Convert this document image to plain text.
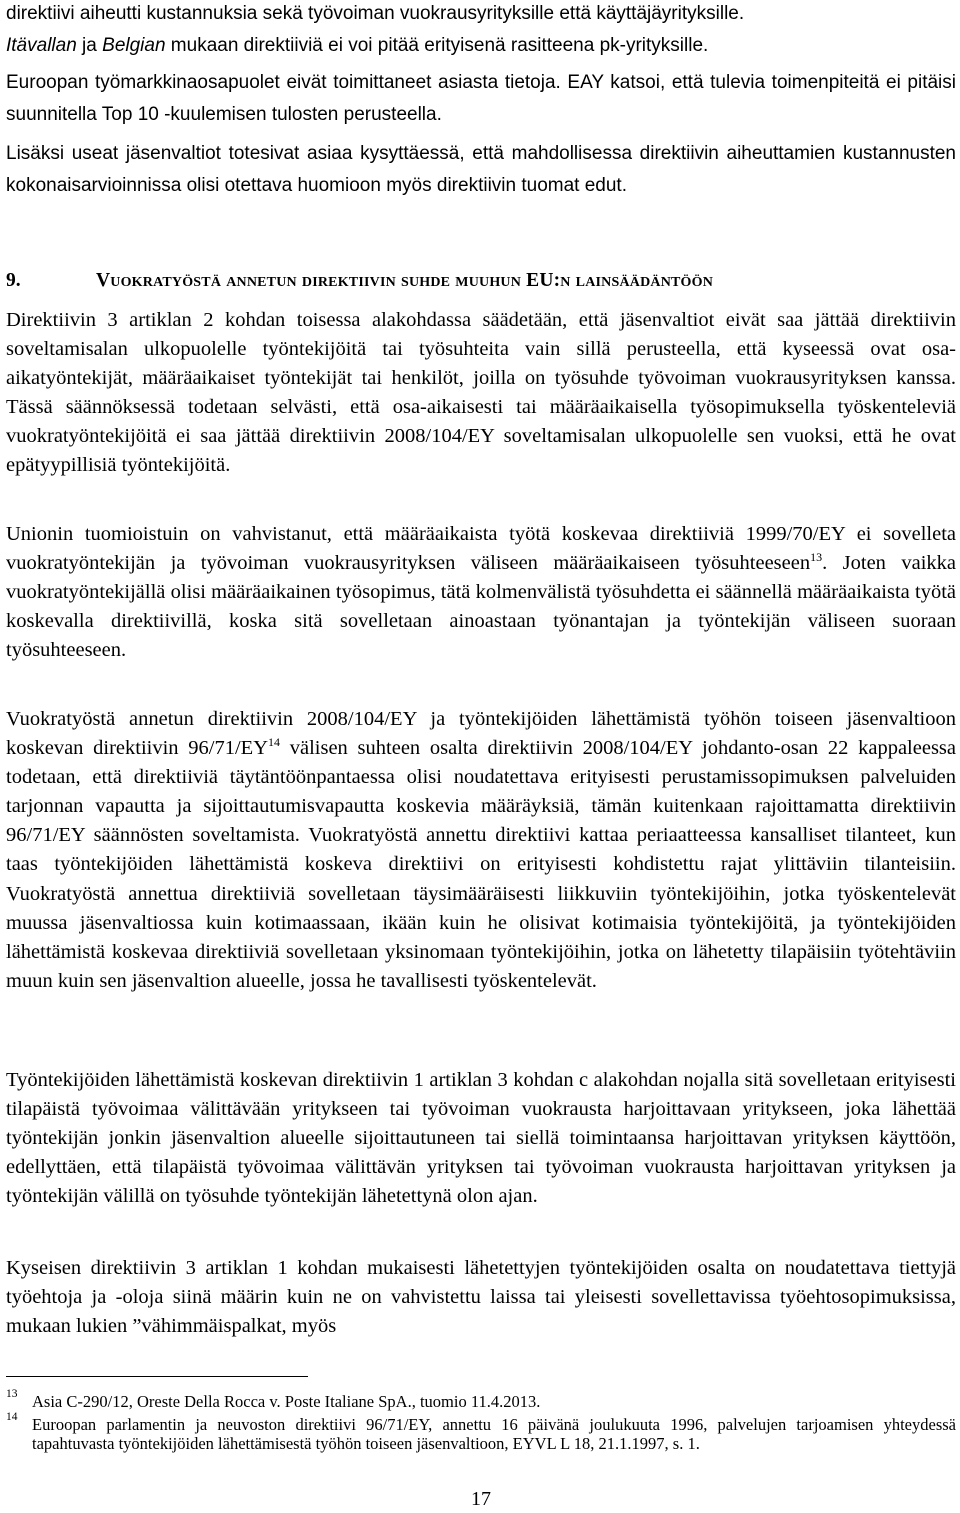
direktiivi aiheutti kustannuksia sekä työvoiman vuokrausyrityksille että käyttäjäyrityksille.
Itävallan ja Belgian mukaan direktiiviä ei voi pitää erityisenä rasitteena pk-yrityksille.

Euroopan työmarkkinaosapuolet eivät toimittaneet asiasta tietoja. EAY katsoi, että tulevia toimenpiteitä ei pitäisi suunnitella Top 10 -kuulemisen tulosten perusteella.

Lisäksi useat jäsenvaltiot totesivat asiaa kysyttäessä, että mahdollisessa direktiivin aiheuttamien kustannusten kokonaisarvioinnissa olisi otettava huomioon myös direktiivin tuomat edut.

9.	Vuokratyöstä annetun direktiivin suhde muuhun EU:n lainsäädäntöön

Direktiivin 3 artiklan 2 kohdan toisessa alakohdassa säädetään, että jäsenvaltiot eivät saa jättää direktiivin soveltamisalan ulkopuolelle työntekijöitä tai työsuhteita vain sillä perusteella, että kyseessä ovat osa-aikatyöntekijät, määräaikaiset työntekijät tai henkilöt, joilla on työsuhde työvoiman vuokrausyrityksen kanssa. Tässä säännöksessä todetaan selvästi, että osa-aikaisesti tai määräaikaisella työsopimuksella työskenteleviä vuokratyöntekijöitä ei saa jättää direktiivin 2008/104/EY soveltamisalan ulkopuolelle sen vuoksi, että he ovat epätyypillisiä työntekijöitä.

Unionin tuomioistuin on vahvistanut, että määräaikaista työtä koskevaa direktiiviä 1999/70/EY ei sovelleta vuokratyöntekijän ja työvoiman vuokrausyrityksen väliseen määräaikaiseen työsuhteeseen$^{13}$. Joten vaikka vuokratyöntekijällä olisi määräaikainen työsopimus, tätä kolmenvälistä työsuhdetta ei säännellä määräaikaista työtä koskevalla direktiivillä, koska sitä sovelletaan ainoastaan työnantajan ja työntekijän väliseen suoraan työsuhteeseen.

Vuokratyöstä annetun direktiivin 2008/104/EY ja työntekijöiden lähettämistä työhön toiseen jäsenvaltioon koskevan direktiivin 96/71/EY$^{14}$ välisen suhteen osalta direktiivin 2008/104/EY johdanto-osan 22 kappaleessa todetaan, että direktiiviä täytäntöönpantaessa olisi noudatettava erityisesti perustamissopimuksen palveluiden tarjonnan vapautta ja sijoittautumisvapautta koskevia määräyksiä, tämän kuitenkaan rajoittamatta direktiivin 96/71/EY säännösten soveltamista. Vuokratyöstä annettu direktiivi kattaa periaatteessa kansalliset tilanteet, kun taas työntekijöiden lähettämistä koskeva direktiivi on erityisesti kohdistettu rajat ylittäviin tilanteisiin. Vuokratyöstä annettua direktiiviä sovelletaan täysimääräisesti liikkuviin työntekijöihin, jotka työskentelevät muussa jäsenvaltiossa kuin kotimaassaan, ikään kuin he olisivat kotimaisia työntekijöitä, ja työntekijöiden lähettämistä koskevaa direktiiviä sovelletaan yksinomaan työntekijöihin, jotka on lähetetty tilapäisiin työtehtäviin muun kuin sen jäsenvaltion alueelle, jossa he tavallisesti työskentelevät.

Työntekijöiden lähettämistä koskevan direktiivin 1 artiklan 3 kohdan c alakohdan nojalla sitä sovelletaan erityisesti tilapäistä työvoimaa välittävään yritykseen tai työvoiman vuokrausta harjoittavaan yritykseen, joka lähettää työntekijän jonkin jäsenvaltion alueelle sijoittautuneen tai siellä toimintaansa harjoittavan yrityksen käyttöön, edellyttäen, että tilapäistä työvoimaa välittävän yrityksen tai työvoiman vuokrausta harjoittavan yrityksen ja työntekijän välillä on työsuhde työntekijän lähetettynä olon ajan.

Kyseisen direktiivin 3 artiklan 1 kohdan mukaisesti lähetettyjen työntekijöiden osalta on noudatettava tiettyjä työehtoja ja -oloja siinä määrin kuin ne on vahvistettu laissa tai yleisesti sovellettavissa työehtosopimuksissa, mukaan lukien ”vähimmäispalkat, myös

13 Asia C-290/12, Oreste Della Rocca v. Poste Italiane SpA., tuomio 11.4.2013.
14 Euroopan parlamentin ja neuvoston direktiivi 96/71/EY, annettu 16 päivänä joulukuuta 1996, palvelujen tarjoamisen yhteydessä tapahtuvasta työntekijöiden lähettämisestä työhön toiseen jäsenvaltioon, EYVL L 18, 21.1.1997, s. 1.
17
